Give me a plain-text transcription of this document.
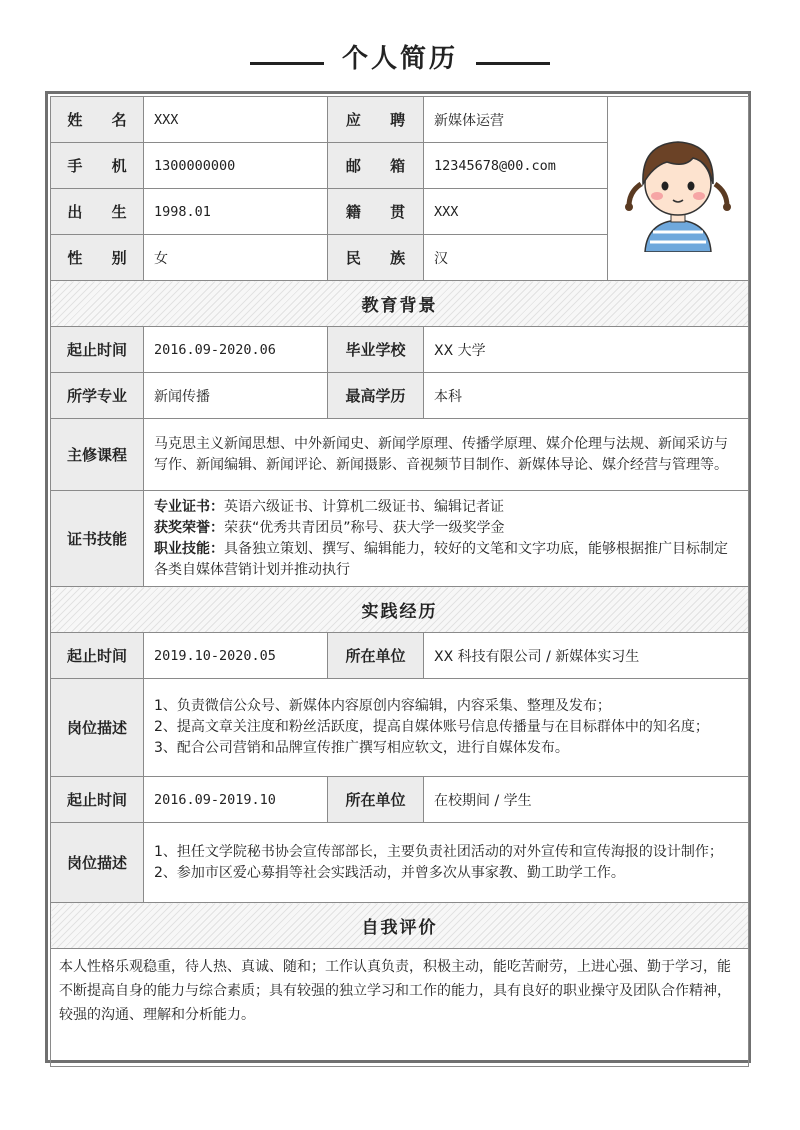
个人简历
姓 名	XXX	应 聘	新媒体运营	
手 机	1300000000	邮 箱	12345678@00.com	
出 生	1998.01	籍 贯	XXX	
性 别	女	民 族	汉	
教育背景				
起止时间	2016.09-2020.06	毕业学校	XX 大学	
所学专业	新闻传播	最高学历	本科	
主修课程	马克思主义新闻思想、中外新闻史、新闻学原理、传播学原理、媒介伦理与法规、新闻采访与写作、新闻编辑、新闻评论、新闻摄影、音视频节目制作、新媒体导论、媒介经营与管理等。			
证书技能	专业证书：英语六级证书、计算机二级证书、编辑记者证
获奖荣誉：荣获“优秀共青团员”称号、获大学一级奖学金
职业技能：具备独立策划、撰写、编辑能力，较好的文笔和文字功底，能够根据推广目标制定各类自媒体营销计划并推动执行			

实践经历				
起止时间	2019.10-2020.05	所在单位	XX 科技有限公司 / 新媒体实习生	
岗位描述	1、负责微信公众号、新媒体内容原创内容编辑，内容采集、整理及发布；
2、提高文章关注度和粉丝活跃度，提高自媒体账号信息传播量与在目标群体中的知名度；
3、配合公司营销和品牌宣传推广撰写相应软文，进行自媒体发布。			

起止时间	2016.09-2019.10	所在单位	在校期间 / 学生	
岗位描述	1、担任文学院秘书协会宣传部部长，主要负责社团活动的对外宣传和宣传海报的设计制作；
2、参加市区爱心募捐等社会实践活动，并曾多次从事家教、勤工助学工作。			

自我评价				
本人性格乐观稳重，待人热、真诚、随和；工作认真负责，积极主动，能吃苦耐劳，上进心强、勤于学习，能不断提高自身的能力与综合素质；具有较强的独立学习和工作的能力，具有良好的职业操守及团队合作精神，较强的沟通、理解和分析能力。				
